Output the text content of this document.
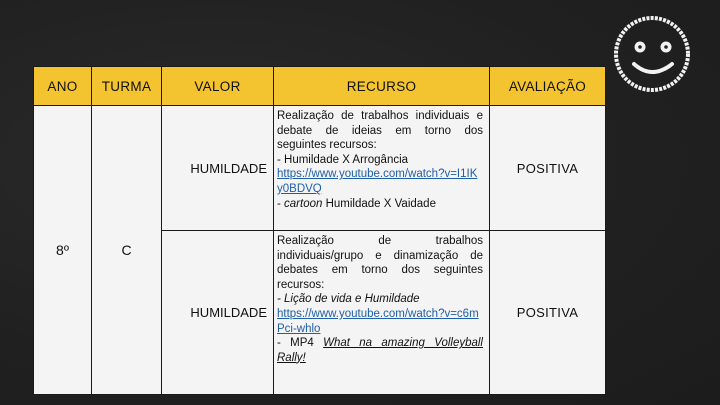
ANO	TURMA	VALOR	RECURSO	AVALIAÇÃO
8º	C	HUMILDADE	Realização de trabalhos individuais e debate de ideias em torno dos seguintes recursos:
- Humildade X Arrogância
https://www.youtube.com/watch?v=I1IKy0BDVQ
- cartoon Humildade X Vaidade	POSITIVA
		HUMILDADE	Realização de trabalhos individuais/grupo e dinamização de debates em torno dos seguintes recursos:
- Lição de vida e Humildade
https://www.youtube.com/watch?v=c6mPci-whlo
- MP4 What na amazing Volleyball Rally!	POSITIVA
